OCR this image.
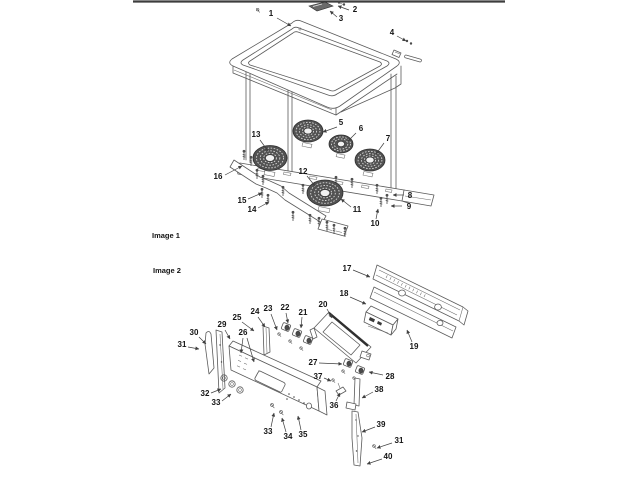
Image 1
1	2
3
4
5
6
7
8
9
10
11
12
13
14
15
16
Image 2	17
18
19
20
21
22
23
24
25
26
27
28
29
30
31
32
33
33
34 35
36
37
38
39
31
40
